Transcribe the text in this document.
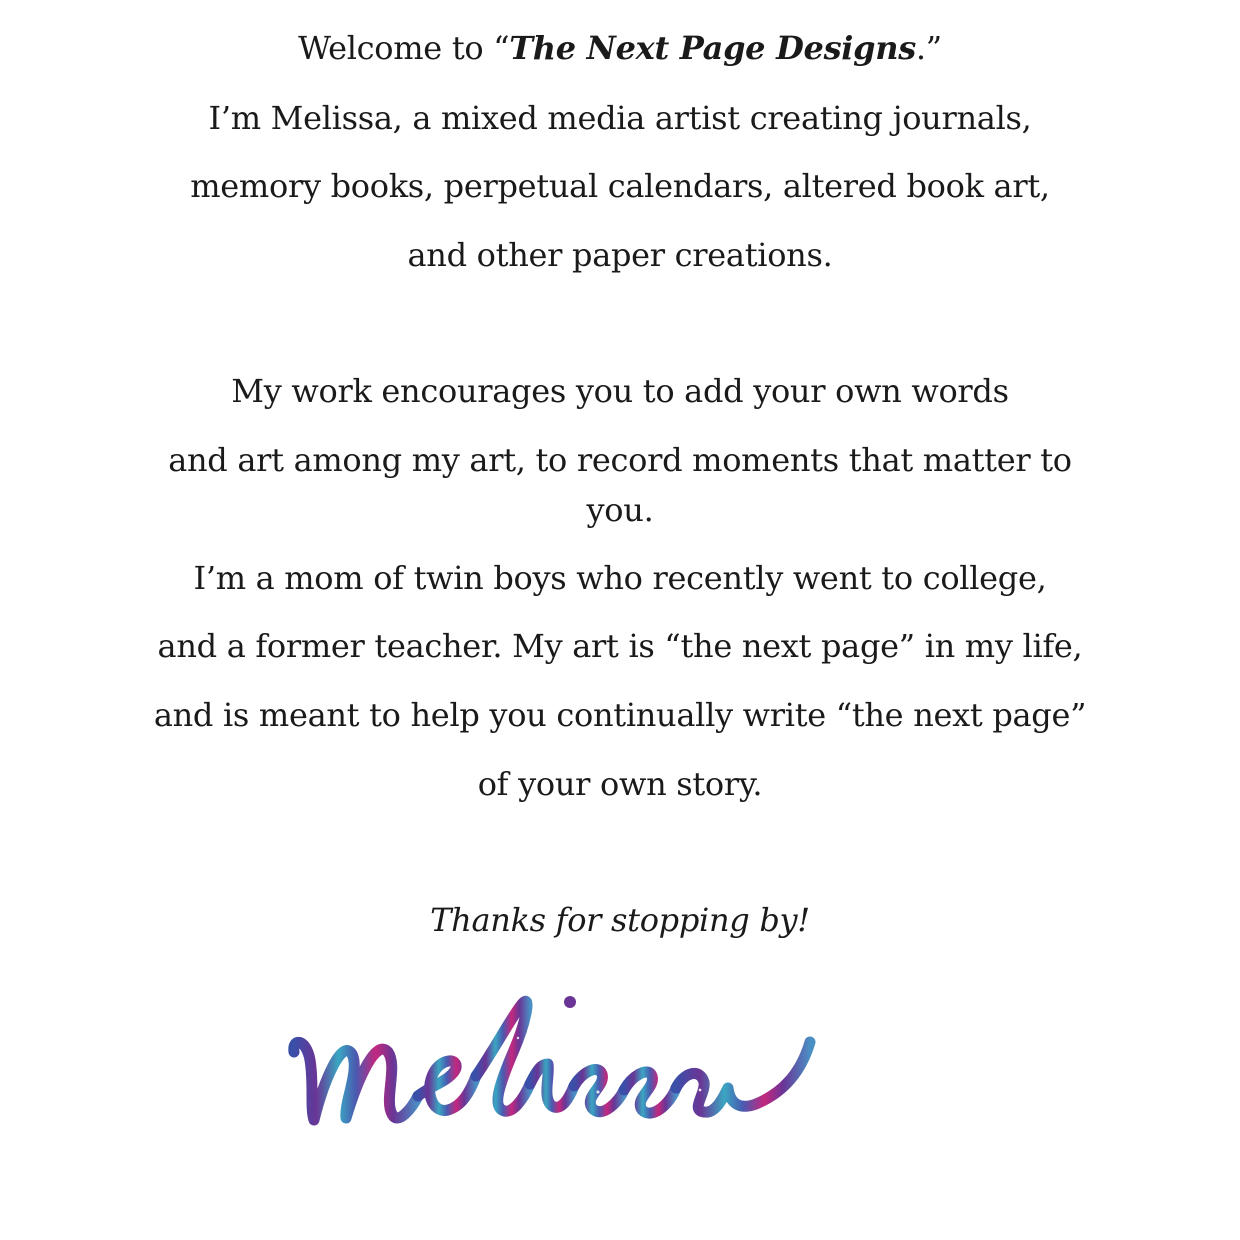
Welcome to “The Next Page Designs.”
I’m Melissa, a mixed media artist creating journals,
memory books, perpetual calendars, altered book art,
and other paper creations.
My work encourages you to add your own words
and art among my art, to record moments that matter to
you.
I’m a mom of twin boys who recently went to college,
and a former teacher. My art is “the next page” in my life,
and is meant to help you continually write “the next page”
of your own story.
Thanks for stopping by!
